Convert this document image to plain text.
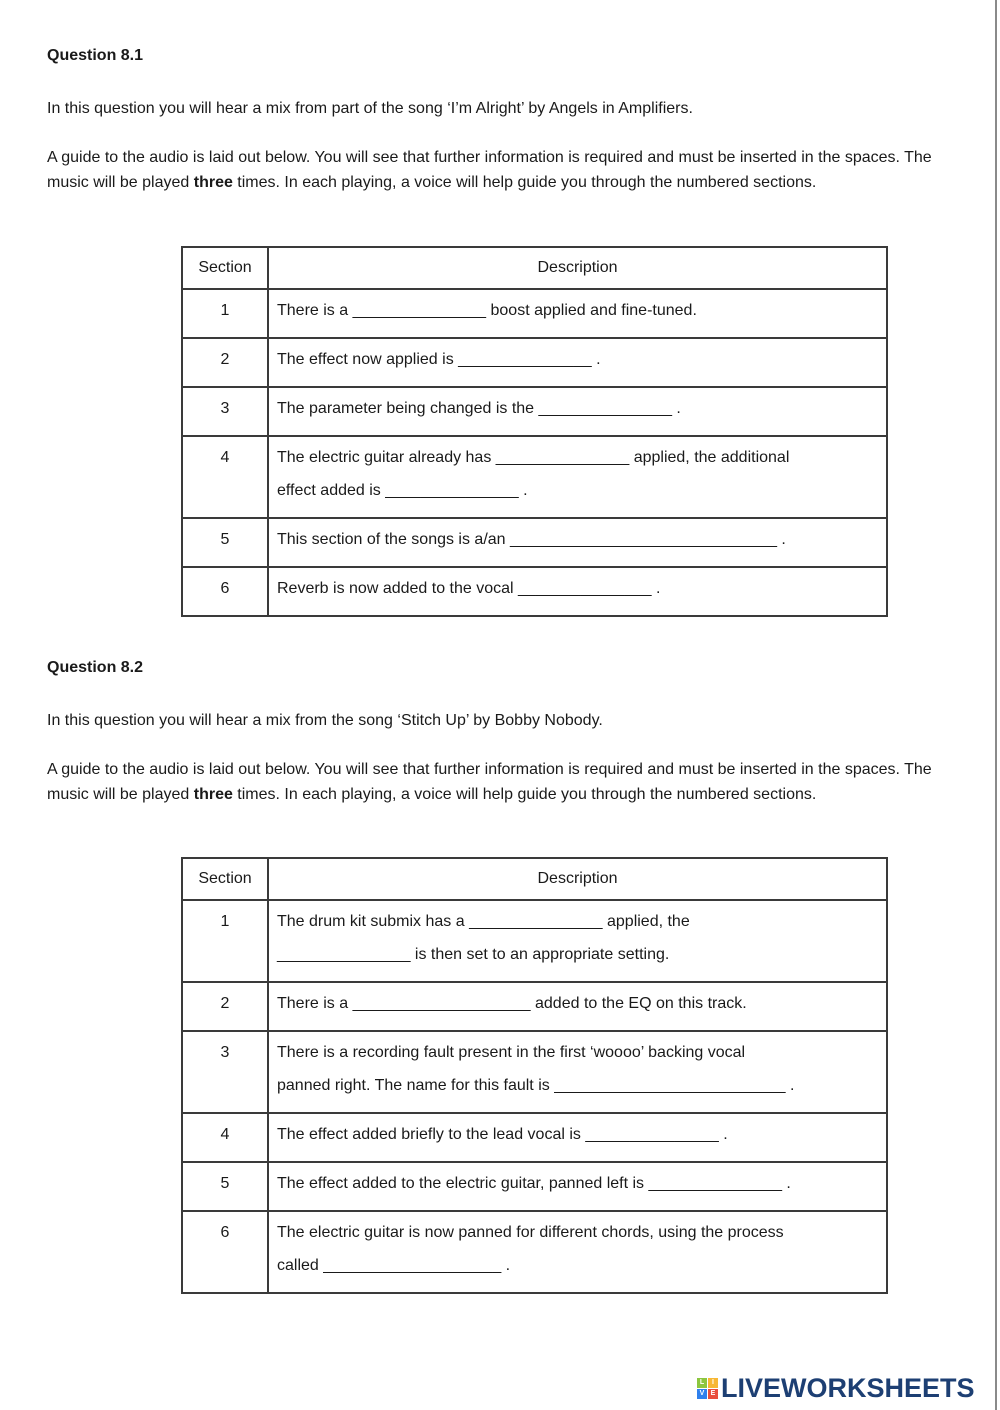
Question 8.1
In this question you will hear a mix from part of the song ‘I’m Alright’ by Angels in Amplifiers.
A guide to the audio is laid out below. You will see that further information is required and must be inserted in the spaces. The music will be played three times. In each playing, a voice will help guide you through the numbered sections.
Section	Description

1	There is a _______________ boost applied and fine-tuned.

2	The effect now applied is _______________ .

3	The parameter being changed is the _______________ .

4	The electric guitar already has _______________ applied, the additional
effect added is _______________ .

5	This section of the songs is a/an ______________________________ .

6	Reverb is now added to the vocal _______________ .
Question 8.2
In this question you will hear a mix from the song ‘Stitch Up’ by Bobby Nobody.
A guide to the audio is laid out below. You will see that further information is required and must be inserted in the spaces. The music will be played three times. In each playing, a voice will help guide you through the numbered sections.
Section	Description

1	The drum kit submix has a _______________ applied, the
_______________ is then set to an appropriate setting.

2	There is a ____________________ added to the EQ on this track.

3	There is a recording fault present in the first ‘woooo’ backing vocal
panned right. The name for this fault is __________________________ .

4	The effect added briefly to the lead vocal is _______________ .

5	The effect added to the electric guitar, panned left is _______________ .

6	The electric guitar is now panned for different chords, using the process
called ____________________ .
L	I
V E LIVEWORKSHEETS
